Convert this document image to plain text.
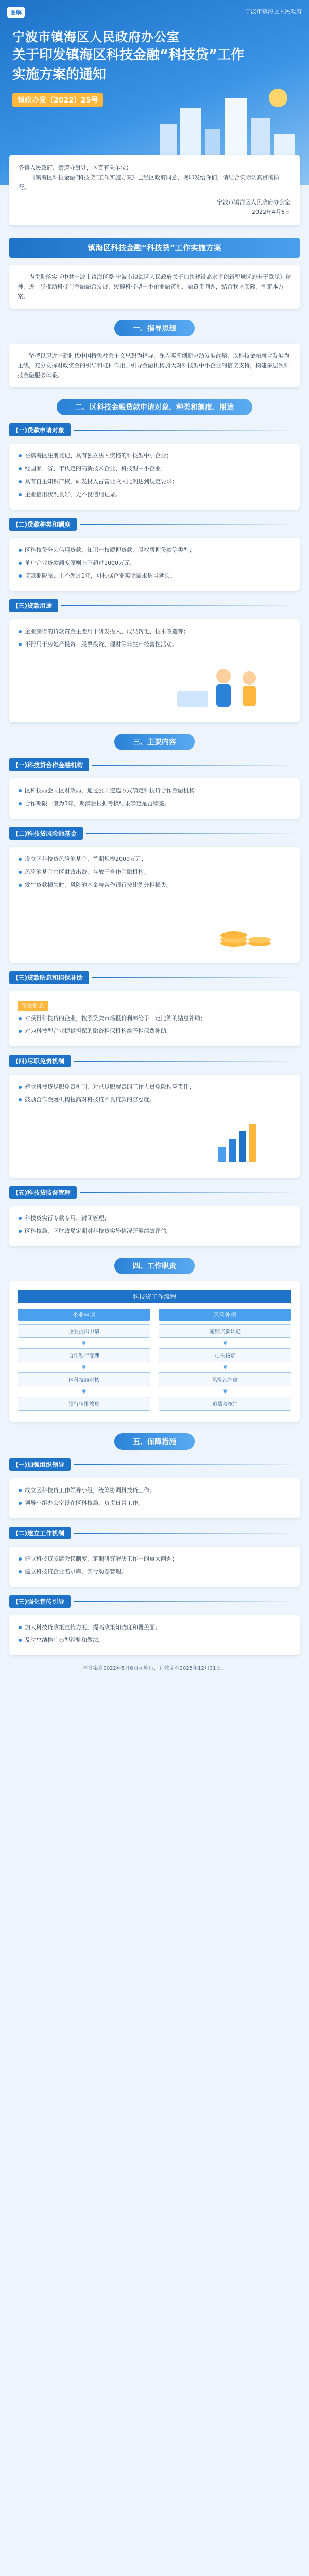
图解	宁波市镇海区人民政府
宁波市镇海区人民政府办公室
关于印发镇海区科技金融“科技贷”工作实施方案的通知
镇政办发〔2022〕25号

各镇人民政府、街道办事处，区直有关单位：

《镇海区科技金融“科技贷”工作实施方案》已经区政府同意，现印发给你们，请结合实际认真贯彻执行。

宁波市镇海区人民政府办公室

2022年4月6日

镇海区科技金融“科技贷”工作实施方案

为贯彻落实《中共宁波市镇海区委 宁波市镇海区人民政府关于加快建设高水平创新型城区的若干意见》精神，进一步推动科技与金融融合发展，缓解科技型中小企业融资难、融资贵问题，结合我区实际，制定本方案。

一、指导思想

坚持以习近平新时代中国特色社会主义思想为指导，深入实施创新驱动发展战略，以科技金融融合发展为主线，充分发挥财政资金的引导和杠杆作用，引导金融机构加大对科技型中小企业的信贷支持，构建多层次科技金融服务体系。

二、区科技金融贷款申请对象、种类和额度、用途
(一)贷款申请对象
在镇海区注册登记、具有独立法人资格的科技型中小企业；
经国家、省、市认定的高新技术企业、科技型中小企业；
具有自主知识产权，研发投入占营业收入比例达到规定要求；
企业信用状况良好，无不良信用记录。
(二)贷款种类和额度
区科技贷分为信用贷款、知识产权质押贷款、股权质押贷款等类型；
单户企业贷款额度原则上不超过1000万元；
贷款期限原则上不超过1年，可根据企业实际需求适当延长。
(三)贷款用途
企业获得的贷款资金主要用于研发投入、成果转化、技术改造等；
不得用于房地产投资、股票投资、理财等非生产经营性活动。
三、主要内容
(一)科技贷合作金融机构
区科技局会同区财政局，通过公开遴选方式确定科技贷合作金融机构；
合作期限一般为3年，期满后根据考核结果确定是否续签。
(二)科技贷风险池基金
设立区科技贷风险池基金，首期规模2000万元；
风险池基金由区财政出资，存放于合作金融机构；
发生贷款损失时，风险池基金与合作银行按比例分担损失。
(三)贷款贴息和担保补助
贷款贴息
对获得科技贷的企业，按照贷款市场报价利率给予一定比例的贴息补助；
对为科技型企业提供担保的融资担保机构给予担保费补助。
(四)尽职免责机制
建立科技贷尽职免责机制，对已尽职履责的工作人员免除相应责任；
鼓励合作金融机构提高对科技贷不良贷款的容忍度。
(五)科技贷监督管理
科技贷实行专款专用、封闭管理；
区科技局、区财政局定期对科技贷实施情况开展绩效评估。
四、工作职责
科技贷工作流程
企业申请
企业提出申请
▼
合作银行受理
▼
区科技局审核
▼
银行审批放贷
风险补偿
逾期贷款认定
▼
损失核定
▼
风险池补偿
▼
追偿与核销
五、保障措施
(一)加强组织领导
成立区科技贷工作领导小组，统筹协调科技贷工作；
领导小组办公室设在区科技局，负责日常工作。
(二)建立工作机制
建立科技贷联席会议制度，定期研究解决工作中的重大问题；
建立科技贷企业名录库，实行动态管理。
(三)强化宣传引导
加大科技贷政策宣传力度，提高政策知晓度和覆盖面；
及时总结推广典型经验和做法。
本方案自2022年5月6日起施行，有效期至2025年12月31日。
